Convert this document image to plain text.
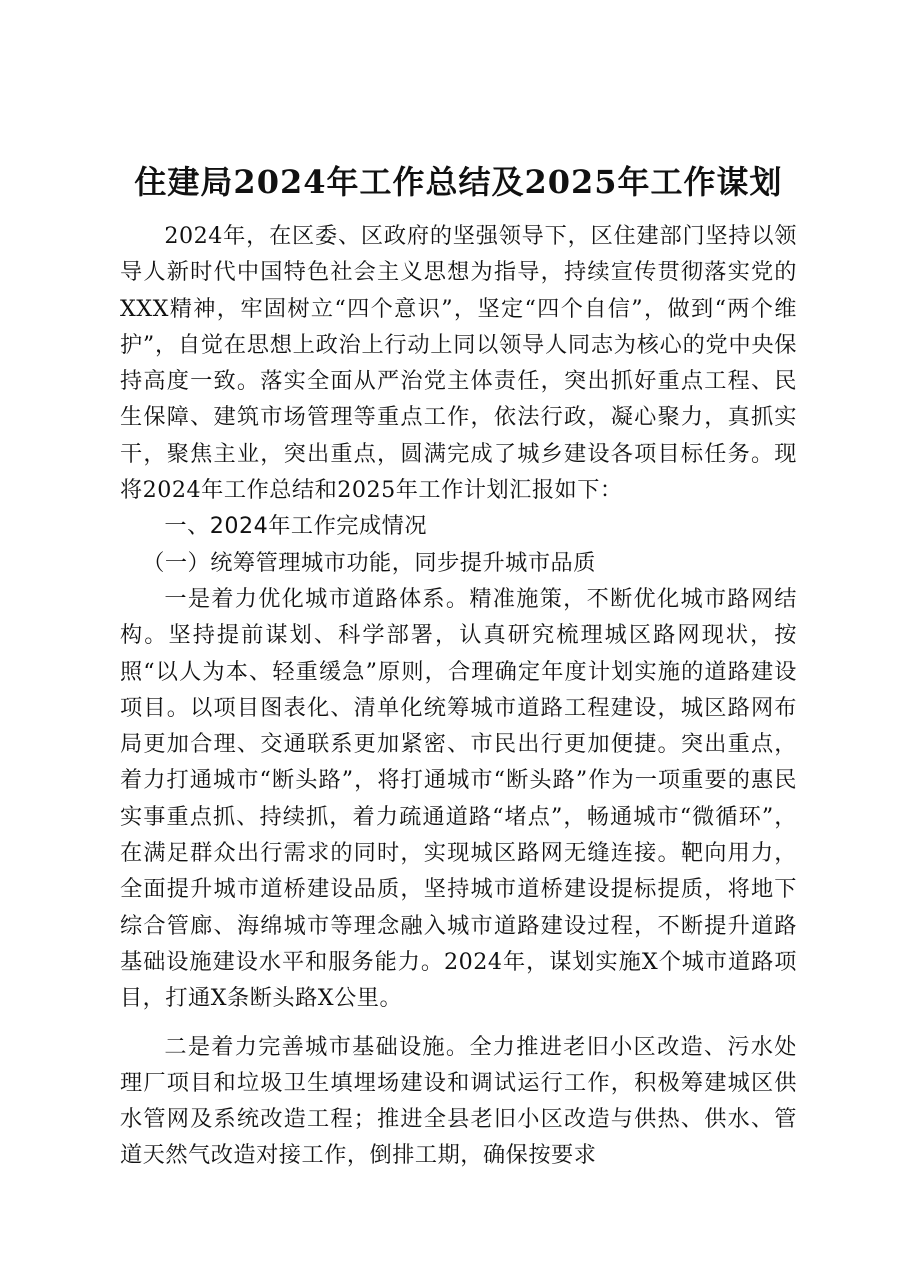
住建局2024年工作总结及2025年工作谋划

2024年，在区委、区政府的坚强领导下，区住建部门坚持以领导人新时代中国特色社会主义思想为指导，持续宣传贯彻落实党的XXX精神，牢固树立“四个意识”，坚定“四个自信”，做到“两个维护”，自觉在思想上政治上行动上同以领导人同志为核心的党中央保持高度一致。落实全面从严治党主体责任，突出抓好重点工程、民生保障、建筑市场管理等重点工作，依法行政，凝心聚力，真抓实干，聚焦主业，突出重点，圆满完成了城乡建设各项目标任务。现将2024年工作总结和2025年工作计划汇报如下：

一、2024年工作完成情况

（一）统筹管理城市功能，同步提升城市品质

一是着力优化城市道路体系。精准施策，不断优化城市路网结构。坚持提前谋划、科学部署，认真研究梳理城区路网现状，按照“以人为本、轻重缓急”原则，合理确定年度计划实施的道路建设项目。以项目图表化、清单化统筹城市道路工程建设，城区路网布局更加合理、交通联系更加紧密、市民出行更加便捷。突出重点，着力打通城市“断头路”，将打通城市“断头路”作为一项重要的惠民实事重点抓、持续抓，着力疏通道路“堵点”，畅通城市“微循环”，在满足群众出行需求的同时，实现城区路网无缝连接。靶向用力，全面提升城市道桥建设品质，坚持城市道桥建设提标提质，将地下综合管廊、海绵城市等理念融入城市道路建设过程，不断提升道路基础设施建设水平和服务能力。2024年，谋划实施X个城市道路项目，打通X条断头路X公里。

二是着力完善城市基础设施。全力推进老旧小区改造、污水处理厂项目和垃圾卫生填埋场建设和调试运行工作，积极筹建城区供水管网及系统改造工程；推进全县老旧小区改造与供热、供水、管道天然气改造对接工作，倒排工期，确保按要求
